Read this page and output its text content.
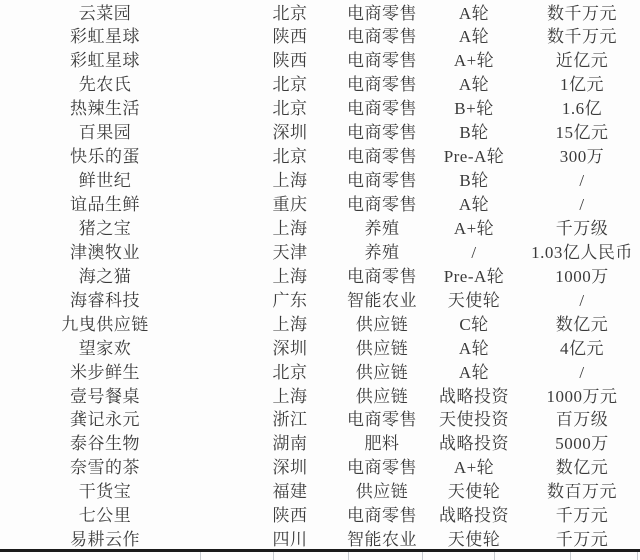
云菜园	北京 电商零售 A轮	数千万元
彩虹星球	陕西 电商零售 A轮	数千万元
彩虹星球	陕西 电商零售 A+轮	近亿元
先农氏	北京 电商零售 A轮	1亿元
热辣生活	北京 电商零售 B+轮	1.6亿
百果园	深圳 电商零售 B轮	15亿元
快乐的蛋	北京 电商零售 Pre-A轮	300万
鲜世纪	上海 电商零售 B轮	/
谊品生鲜	重庆 电商零售 A轮	/
猪之宝	上海	养殖	A+轮	千万级
津澳牧业	天津	养殖	/	1.03亿人民币
海之猫	上海 电商零售 Pre-A轮	1000万
海睿科技	广东 智能农业 天使轮	/
九曳供应链	上海	供应链	C轮	数亿元
望家欢	深圳	供应链	A轮	4亿元
米步鲜生	北京	供应链	A轮	/
壹号餐桌	上海	供应链 战略投资 1000万元
龚记永元	浙江 电商零售 天使投资	百万级
泰谷生物	湖南	肥料 战略投资	5000万
奈雪的茶	深圳 电商零售 A+轮	数亿元
干货宝	福建	供应链 天使轮	数百万元
七公里	陕西 电商零售 战略投资	千万元
易耕云作	四川 智能农业 天使轮	千万元
